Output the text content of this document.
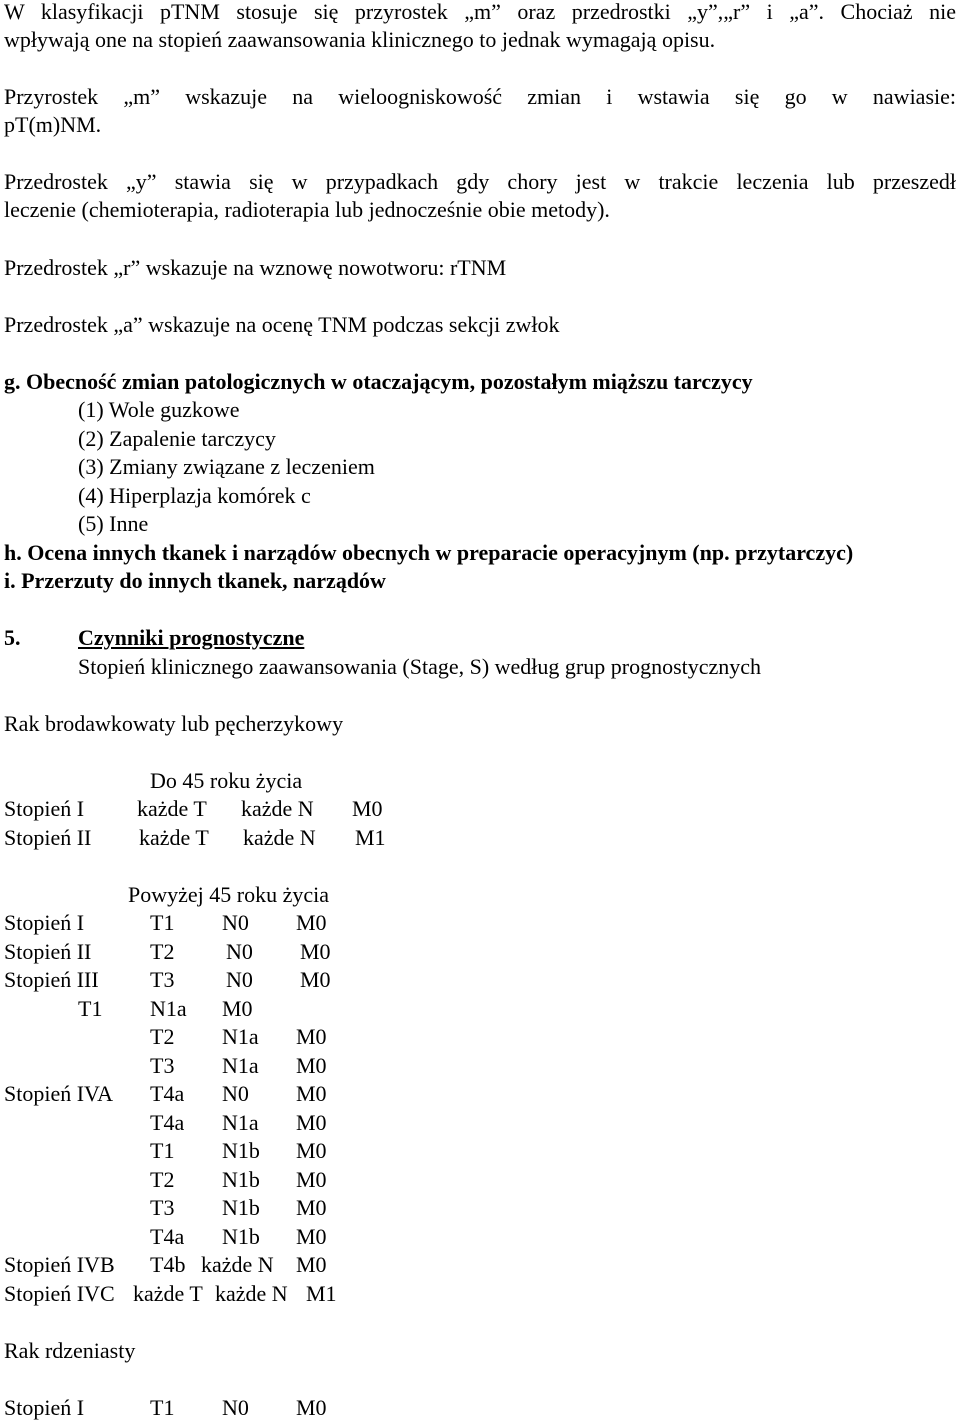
W klasyfikacji pTNM stosuje się przyrostek „m” oraz przedrostki „y”,„r” i „a”. Chociaż nie
wpływają one na stopień zaawansowania klinicznego to jednak wymagają opisu.
Przyrostek „m” wskazuje na wieloogniskowość zmian i wstawia się go w nawiasie:
pT(m)NM.
Przedrostek „y” stawia się w przypadkach gdy chory jest w trakcie leczenia lub przeszedł
leczenie (chemioterapia, radioterapia lub jednocześnie obie metody).
Przedrostek „r” wskazuje na wznowę nowotworu: rTNM
Przedrostek „a” wskazuje na ocenę TNM podczas sekcji zwłok
g. Obecność zmian patologicznych w otaczającym, pozostałym miąższu tarczycy
(1) Wole guzkowe
(2) Zapalenie tarczycy
(3) Zmiany związane z leczeniem
(4) Hiperplazja komórek c
(5) Inne
h. Ocena innych tkanek i narządów obecnych w preparacie operacyjnym (np. przytarczyc)
i. Przerzuty do innych tkanek, narządów
5.	Czynniki prognostyczne
Stopień klinicznego zaawansowania (Stage, S) według grup prognostycznych
Rak brodawkowaty lub pęcherzykowy
Do 45 roku życia
Stopień I każde T każde N M0
Stopień II każde T każde N M1
Powyżej 45 roku życia
Stopień I	T1 N0 M0
Stopień II	T2 N0 M0
Stopień III T3 N0 M0
T1 N1a M0
T2 N1a M0
T3 N1a M0
Stopień IVA T4a N0 M0
T4a N1a M0
T1 N1b M0
T2 N1b M0
T3 N1b M0
T4a N1b M0
Stopień IVB T4b każde N M0
Stopień IVC każde T każde N M1
Rak rdzeniasty
Stopień I	T1 N0 M0
